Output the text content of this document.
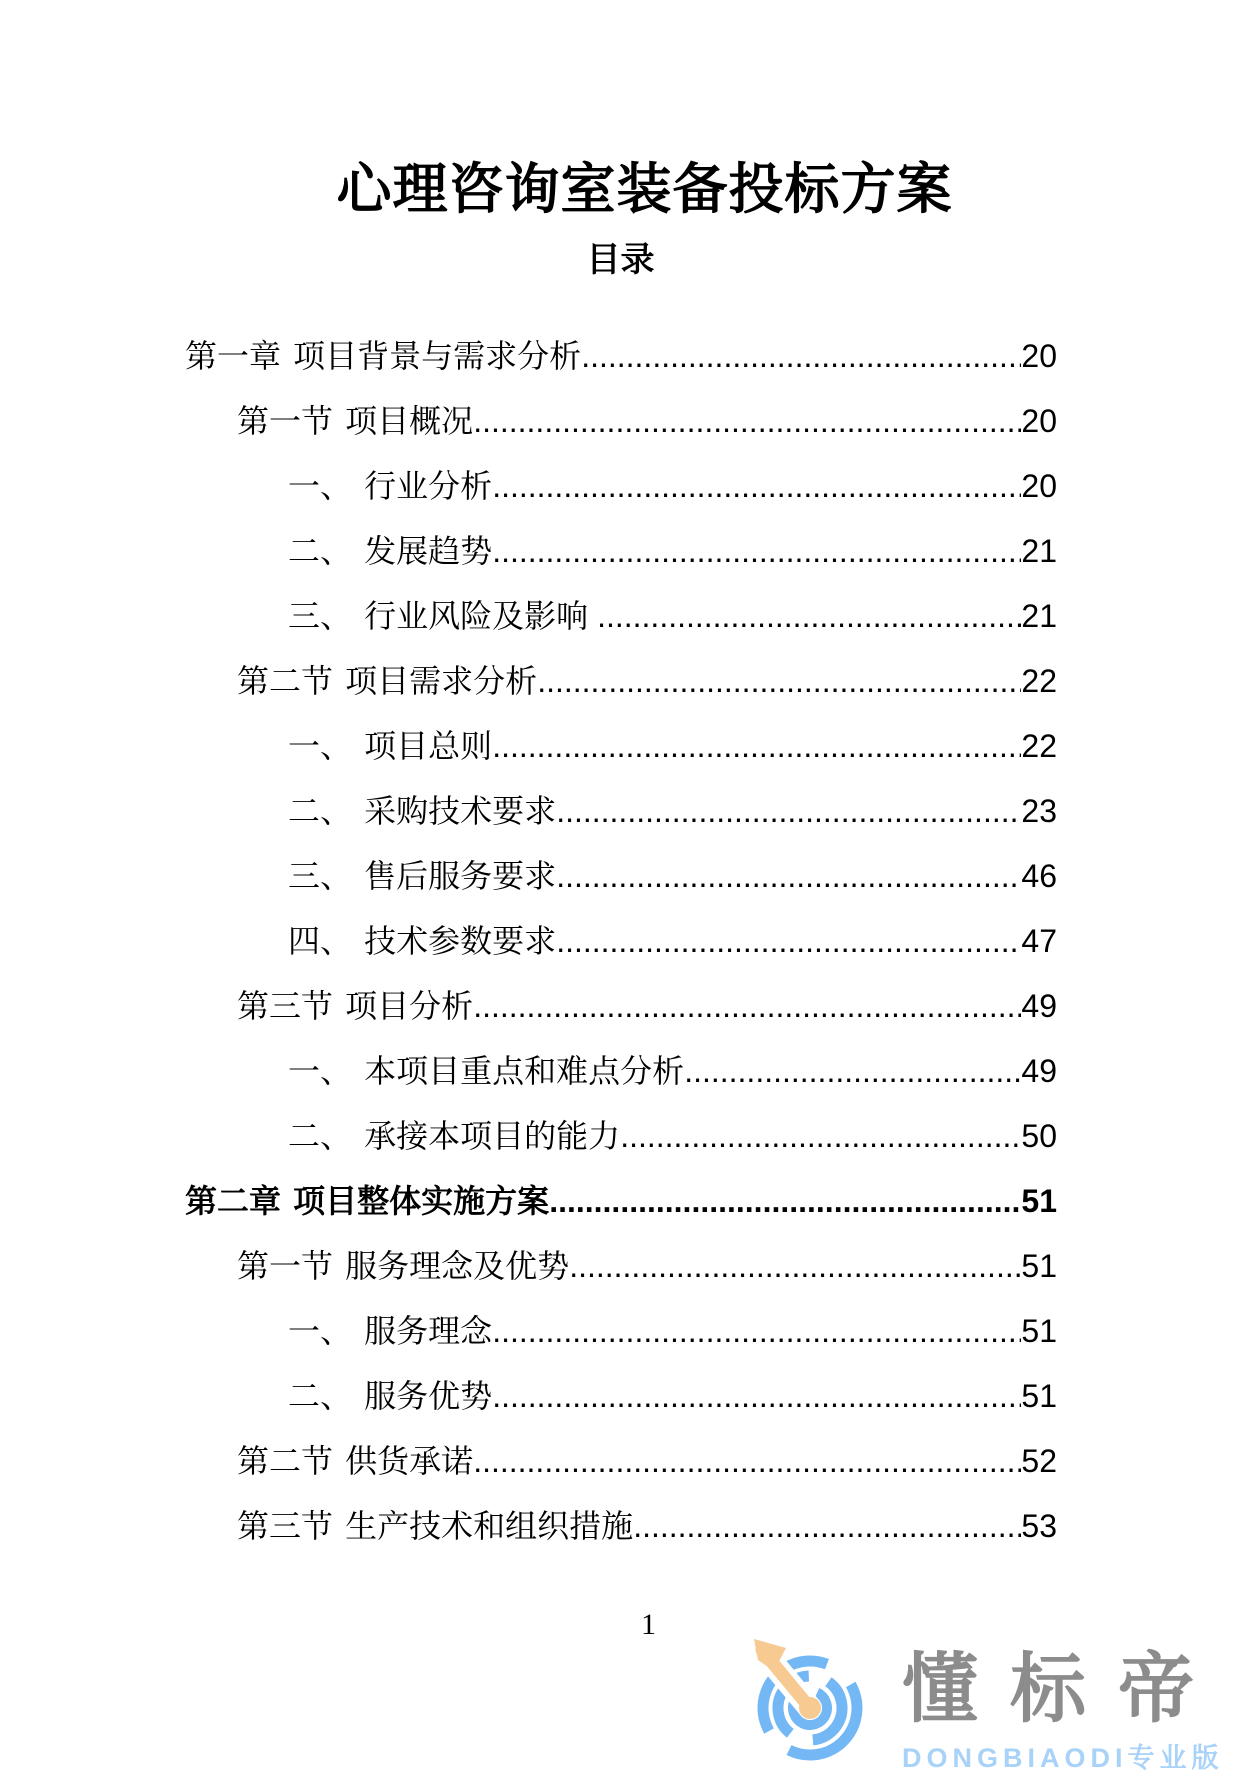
心理咨询室装备投标方案
目录
第一章 项目背景与需求分析 .....	20
第一节 项目概况 .....	20
一、 行业分析 .....	20
二、 发展趋势 .....	21
三、 行业风险及影响 .....	21
第二节 项目需求分析 .....	22
一、 项目总则 .....	22
二、 采购技术要求 .....	23
三、 售后服务要求 .....	46
四、 技术参数要求 .....	47
第三节 项目分析 .....	49
一、 本项目重点和难点分析 .....	49
二、 承接本项目的能力 .....	50
第二章 项目整体实施方案 .....	51
第一节 服务理念及优势 .....	51
一、 服务理念 .....	51
二、 服务优势 .....	51
第二节 供货承诺 .....	52
第三节 生产技术和组织措施 .....	53
1
懂标帝
DONGBIAODI专业版
